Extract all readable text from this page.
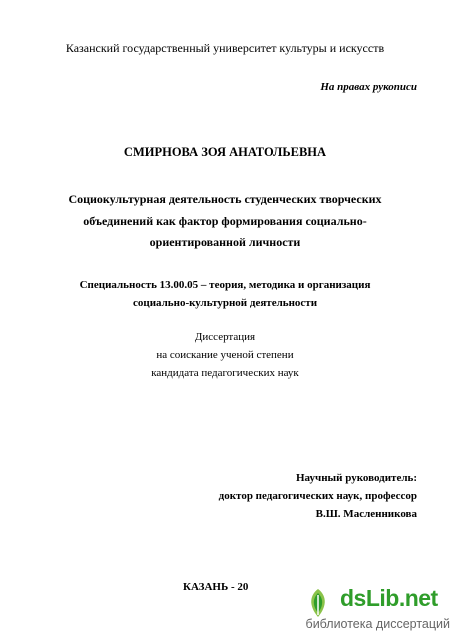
Казанский государственный университет культуры и искусств
На правах рукописи
СМИРНОВА ЗОЯ АНАТОЛЬЕВНА
Социокультурная деятельность студенческих творческих
объединений как фактор формирования социально-
ориентированной личности
Специальность 13.00.05 – теория, методика и организация
социально-культурной деятельности
Диссертация
на соискание ученой степени
кандидата педагогических наук
Научный руководитель:
доктор педагогических наук, профессор
В.Ш. Масленникова
КАЗАНЬ - 20	dsLib.net
библиотека диссертаций
